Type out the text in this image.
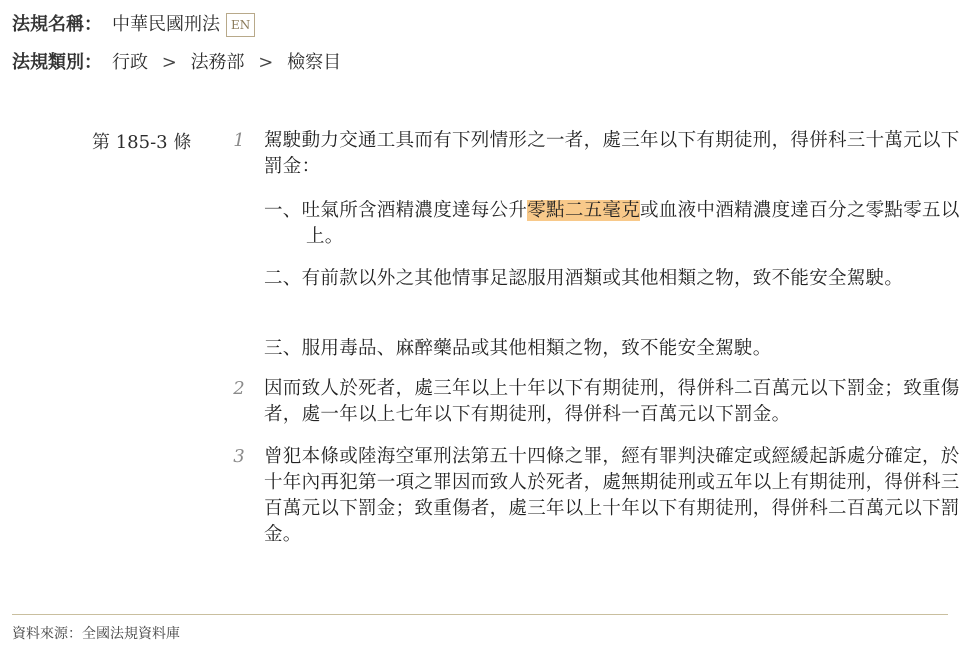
法規名稱： 中華民國刑法 EN
法規類別： 行政 > 法務部 > 檢察目
第 185-3 條 1 駕駛動力交通工具而有下列情形之一者，處三年以下有期徒刑，得併科三十萬元以下罰金：
一、吐氣所含酒精濃度達每公升零點二五毫克或血液中酒精濃度達百分之零點零五以上。
二、有前款以外之其他情事足認服用酒類或其他相類之物，致不能安全駕駛。
三、服用毒品、麻醉藥品或其他相類之物，致不能安全駕駛。
2 因而致人於死者，處三年以上十年以下有期徒刑，得併科二百萬元以下罰金；致重傷者，處一年以上七年以下有期徒刑，得併科一百萬元以下罰金。
3 曾犯本條或陸海空軍刑法第五十四條之罪，經有罪判決確定或經緩起訴處分確定，於十年內再犯第一項之罪因而致人於死者，處無期徒刑或五年以上有期徒刑，得併科三百萬元以下罰金；致重傷者，處三年以上十年以下有期徒刑，得併科二百萬元以下罰金。
資料來源：全國法規資料庫
